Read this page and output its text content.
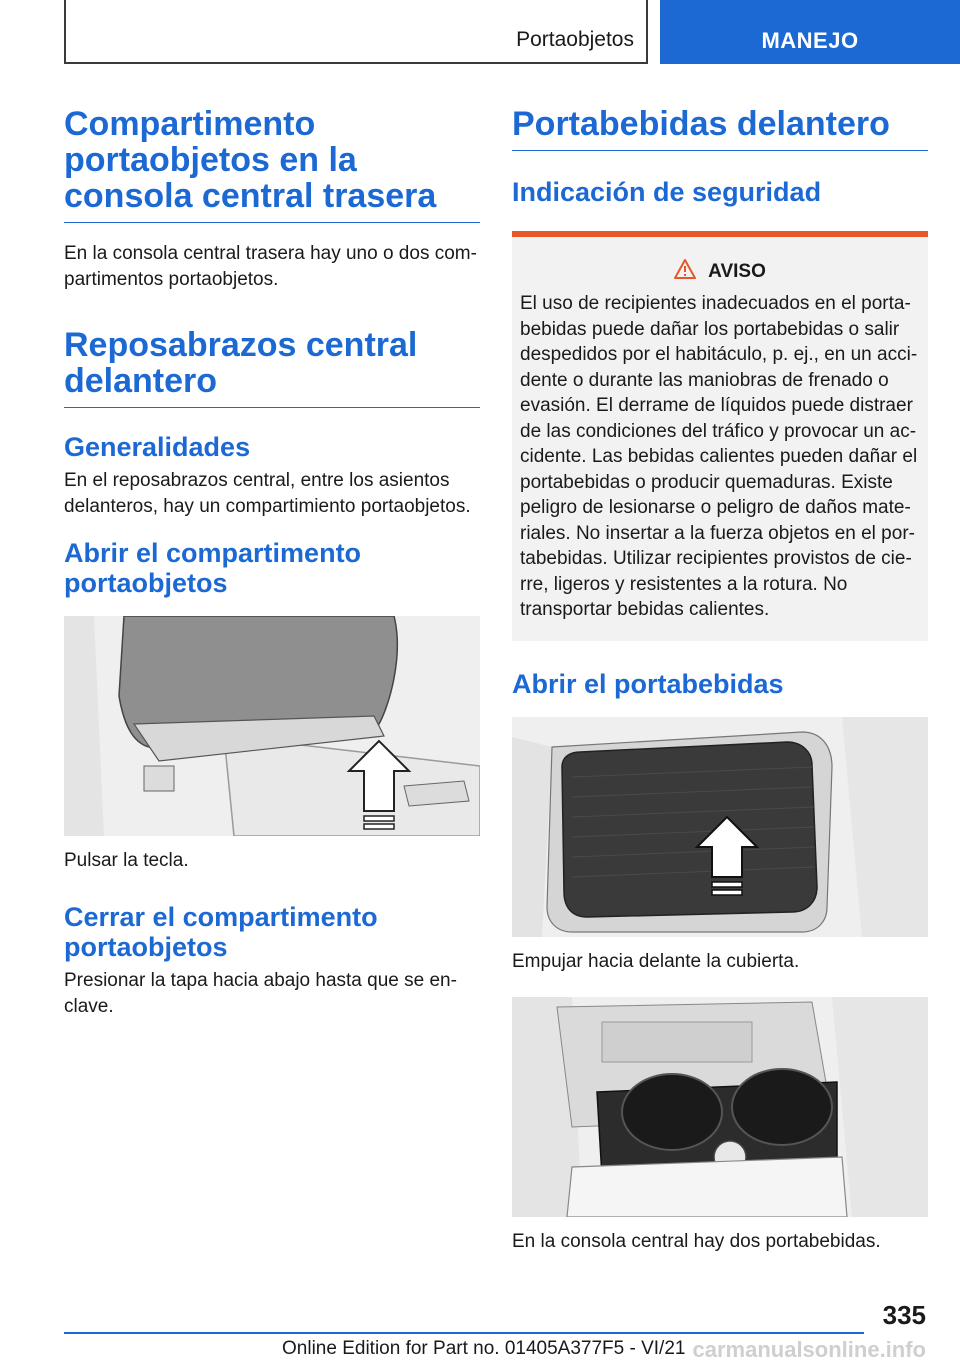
Portaobjetos	MANEJO
Compartimento portaobjetos en la consola central trasera

En la consola central trasera hay uno o dos com-partimentos portaobjetos.

Reposabrazos central delantero
Generalidades

En el reposabrazos central, entre los asientos delanteros, hay un compartimiento portaobjetos.

Abrir el compartimento portaobjetos

Pulsar la tecla.

Cerrar el compartimento portaobjetos

Presionar la tapa hacia abajo hasta que se en-clave.

Portabebidas delantero
Indicación de seguridad
AVISO

El uso de recipientes inadecuados en el porta-bebidas puede dañar los portabebidas o salir despedidos por el habitáculo, p. ej., en un acci-dente o durante las maniobras de frenado o evasión. El derrame de líquidos puede distraer de las condiciones del tráfico y provocar un ac-cidente. Las bebidas calientes pueden dañar el portabebidas o producir quemaduras. Existe peligro de lesionarse o peligro de daños mate-riales. No insertar a la fuerza objetos en el por-tabebidas. Utilizar recipientes provistos de cie-rre, ligeros y resistentes a la rotura. No transportar bebidas calientes.

Abrir el portabebidas

Empujar hacia delante la cubierta.

En la consola central hay dos portabebidas.

335
Online Edition for Part no. 01405A377F5 - VI/21 carmanualsonline.info
